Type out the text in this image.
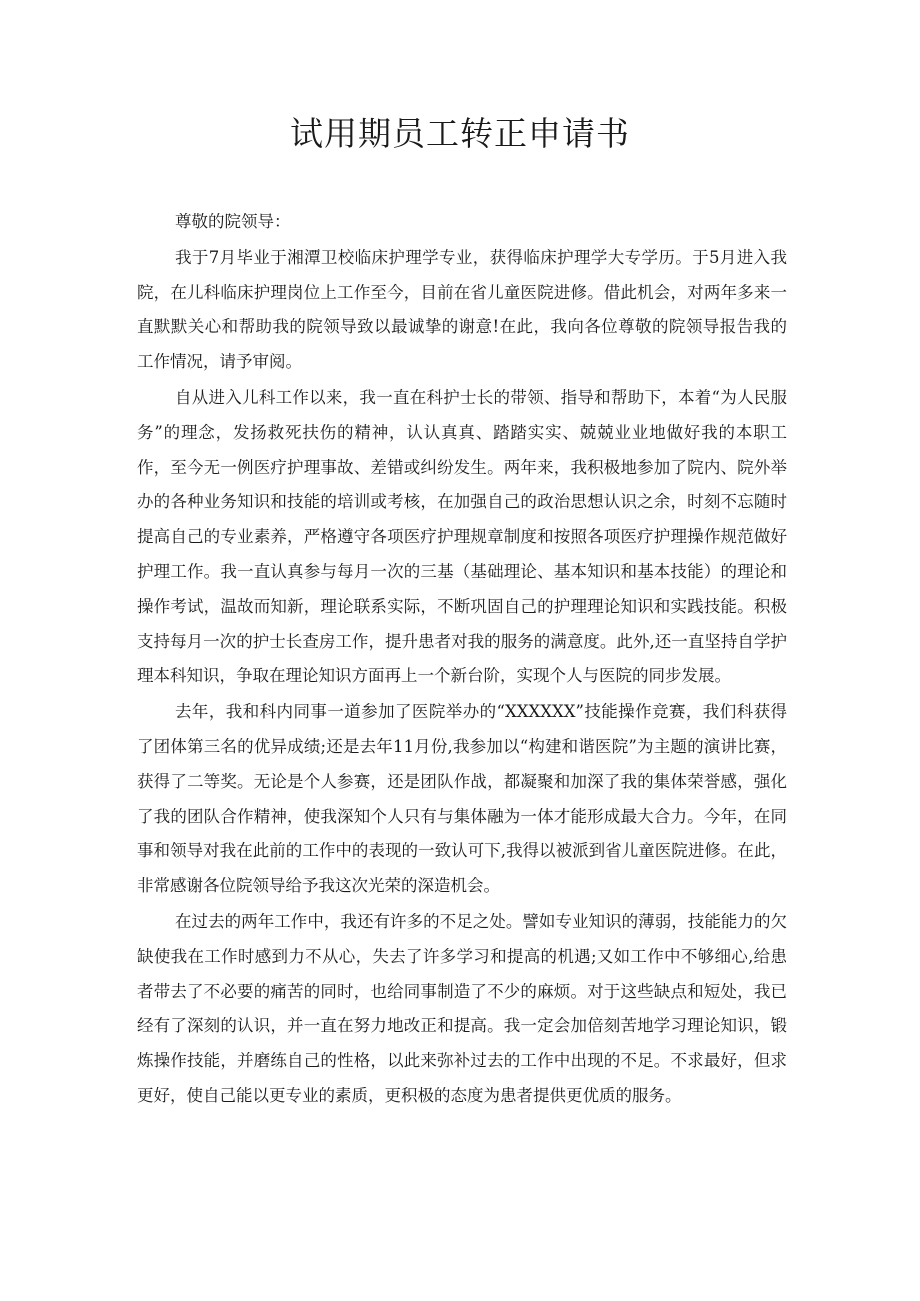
试用期员工转正申请书

尊敬的院领导：

我于7月毕业于湘潭卫校临床护理学专业，获得临床护理学大专学历。于5月进入我院，在儿科临床护理岗位上工作至今，目前在省儿童医院进修。借此机会，对两年多来一直默默关心和帮助我的院领导致以最诚挚的谢意!在此，我向各位尊敬的院领导报告我的工作情况，请予审阅。

自从进入儿科工作以来，我一直在科护士长的带领、指导和帮助下，本着“为人民服务”的理念，发扬救死扶伤的精神，认认真真、踏踏实实、兢兢业业地做好我的本职工作，至今无一例医疗护理事故、差错或纠纷发生。两年来，我积极地参加了院内、院外举办的各种业务知识和技能的培训或考核，在加强自己的政治思想认识之余，时刻不忘随时提高自己的专业素养，严格遵守各项医疗护理规章制度和按照各项医疗护理操作规范做好护理工作。我一直认真参与每月一次的三基（基础理论、基本知识和基本技能）的理论和操作考试，温故而知新，理论联系实际，不断巩固自己的护理理论知识和实践技能。积极支持每月一次的护士长查房工作，提升患者对我的服务的满意度。此外,还一直坚持自学护理本科知识，争取在理论知识方面再上一个新台阶，实现个人与医院的同步发展。

去年，我和科内同事一道参加了医院举办的“XXXXXX”技能操作竞赛，我们科获得了团体第三名的优异成绩;还是去年11月份,我参加以“构建和谐医院”为主题的演讲比赛，获得了二等奖。无论是个人参赛，还是团队作战，都凝聚和加深了我的集体荣誉感，强化了我的团队合作精神，使我深知个人只有与集体融为一体才能形成最大合力。今年，在同事和领导对我在此前的工作中的表现的一致认可下,我得以被派到省儿童医院进修。在此，非常感谢各位院领导给予我这次光荣的深造机会。

在过去的两年工作中，我还有许多的不足之处。譬如专业知识的薄弱，技能能力的欠缺使我在工作时感到力不从心，失去了许多学习和提高的机遇;又如工作中不够细心,给患者带去了不必要的痛苦的同时，也给同事制造了不少的麻烦。对于这些缺点和短处，我已经有了深刻的认识，并一直在努力地改正和提高。我一定会加倍刻苦地学习理论知识，锻炼操作技能，并磨练自己的性格，以此来弥补过去的工作中出现的不足。不求最好，但求更好，使自己能以更专业的素质，更积极的态度为患者提供更优质的服务。
